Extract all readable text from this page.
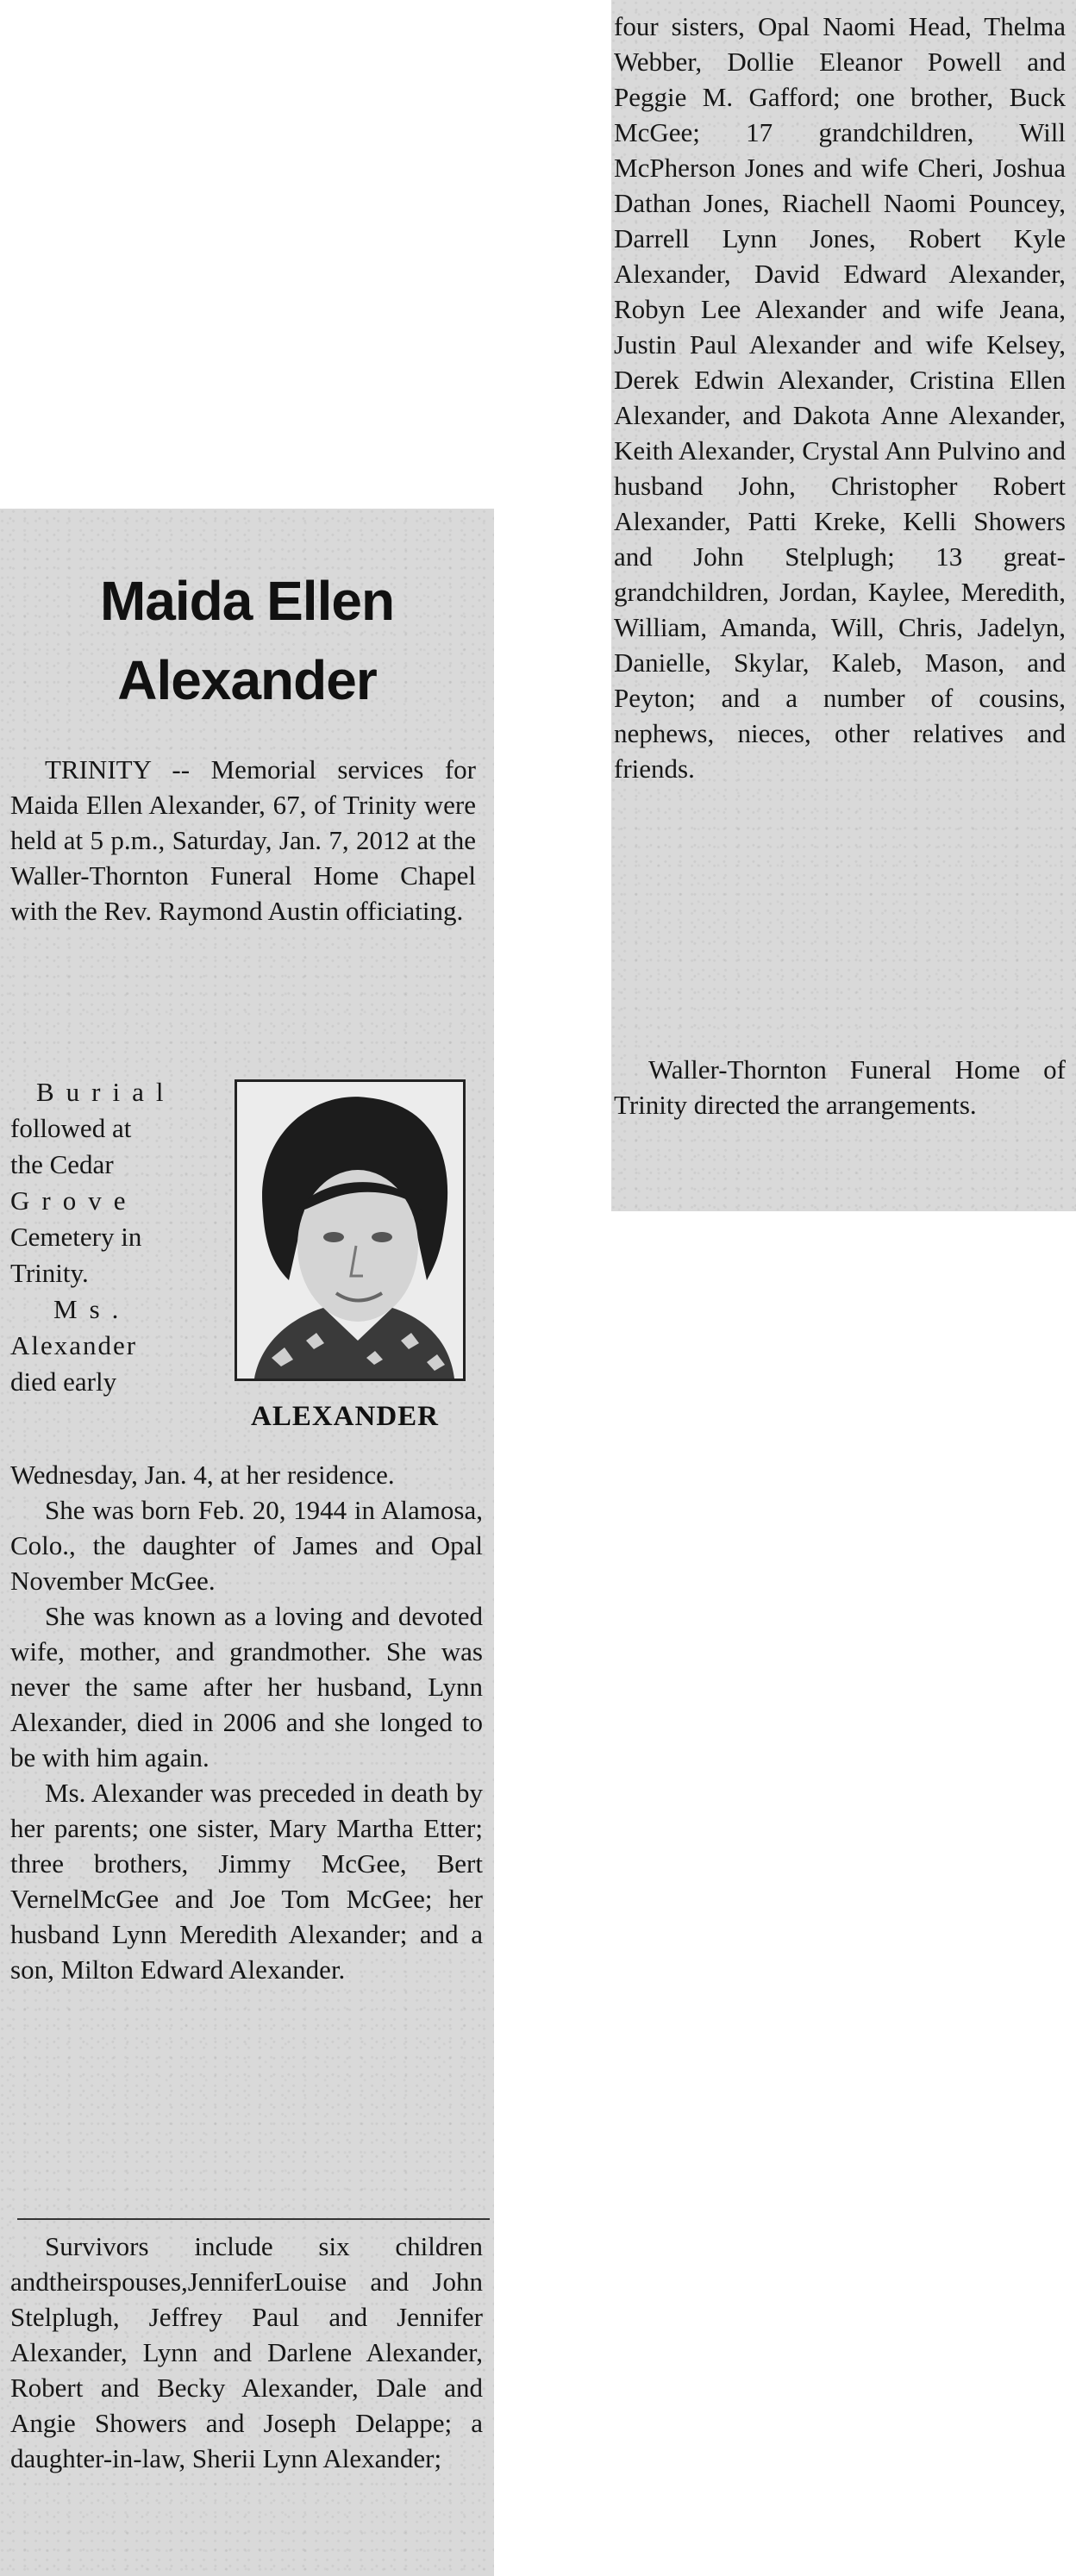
Maida Ellen
Alexander

TRINITY -- Memorial services for Maida Ellen Alexander, 67, of Trinity were held at 5 p.m., Saturday, Jan. 7, 2012 at the Waller-Thornton Funeral Home Chapel with the Rev. Raymond Austin officiating.

Burial
followed at
the Cedar
Grove
Cemetery in
Trinity.
Ms.
Alexander
died early
ALEXANDER

Wednesday, Jan. 4, at her residence.

She was born Feb. 20, 1944 in Alamosa, Colo., the daughter of James and Opal November McGee.

She was known as a loving and devoted wife, mother, and grandmother. She was never the same after her husband, Lynn Alexander, died in 2006 and she longed to be with him again.

Ms. Alexander was preceded in death by her parents; one sister, Mary Martha Etter; three brothers, Jimmy McGee, Bert VernelMcGee and Joe Tom McGee; her husband Lynn Meredith Alexander; and a son, Milton Edward Alexander.

Survivors include six children andtheirspouses,JenniferLouise and John Stelplugh, Jeffrey Paul and Jennifer Alexander, Lynn and Darlene Alexander, Robert and Becky Alexander, Dale and Angie Showers and Joseph Delappe; a daughter-in-law, Sherii Lynn Alexander;

four sisters, Opal Naomi Head, Thelma Webber, Dollie Eleanor Powell and Peggie M. Gafford; one brother, Buck McGee; 17 grandchildren, Will McPherson Jones and wife Cheri, Joshua Dathan Jones, Riachell Naomi Pouncey, Darrell Lynn Jones, Robert Kyle Alexander, David Edward Alexander, Robyn Lee Alexander and wife Jeana, Justin Paul Alexander and wife Kelsey, Derek Edwin Alexander, Cristina Ellen Alexander, and Dakota Anne Alexander, Keith Alexander, Crystal Ann Pulvino and husband John, Christopher Robert Alexander, Patti Kreke, Kelli Showers and John Stelplugh; 13 great-grandchildren, Jordan, Kaylee, Meredith, William, Amanda, Will, Chris, Jadelyn, Danielle, Skylar, Kaleb, Mason, and Peyton; and a number of cousins, nephews, nieces, other relatives and friends.

Waller-Thornton Funeral Home of Trinity directed the arrangements.
